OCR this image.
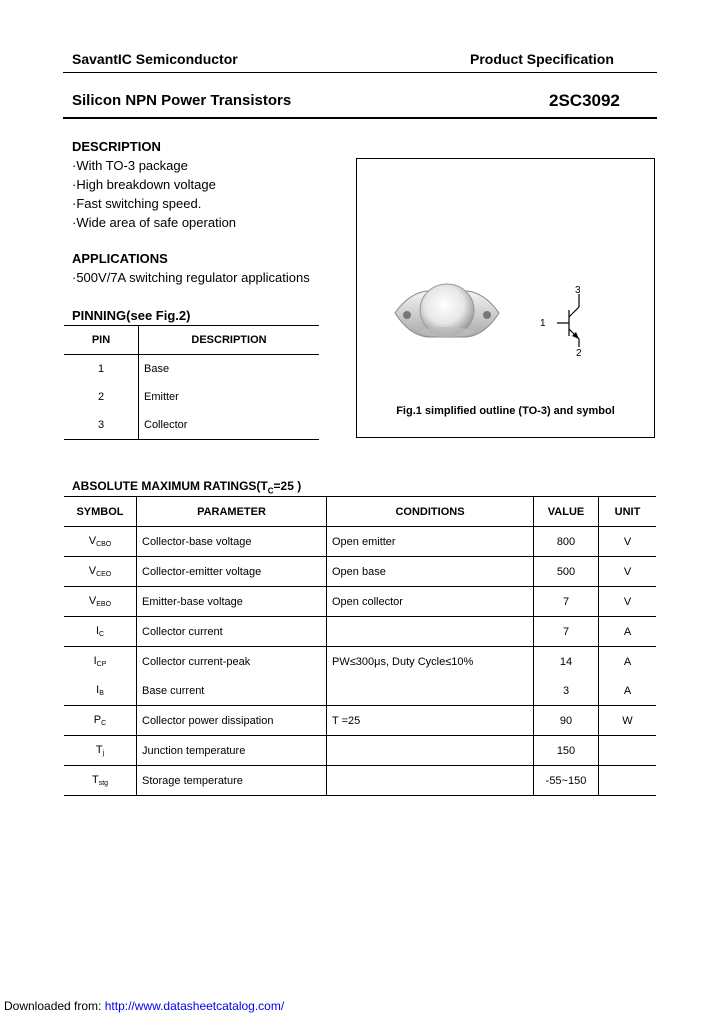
SavantIC Semiconductor	Product Specification
Silicon NPN Power Transistors	2SC3092
DESCRIPTION
·With TO-3 package
·High breakdown voltage
·Fast switching speed.
·Wide area of safe operation
APPLICATIONS
·500V/7A switching regulator applications
PINNING(see Fig.2)
PIN	DESCRIPTION
1	Base
2	Emitter
3	Collector
1
2
3
Fig.1 simplified outline (TO-3) and symbol
ABSOLUTE MAXIMUM $RATINGS(T_C=25$ )
SYMBOL	PARAMETER	CONDITIONS	VALUE	UNIT
$V_{CBO}$	Collector-base voltage	Open emitter	800	V
$V_{CEO}$	Collector-emitter voltage	Open base	500	V
$V_{EBO}$	Emitter-base voltage	Open collector	7	V
$I_C$	Collector current		7	A
$I_{CP}$	Collector current-peak	PW≤300μs, Duty Cycle≤10%	14	A
$I_B$	Base current		3	A
$P_C$	Collector power dissipation	T =25	90	W
$T_j$	Junction temperature		150	
$T_{stg}$	Storage temperature		-55~150	
Downloaded from: http://www.datasheetcatalog.com/
